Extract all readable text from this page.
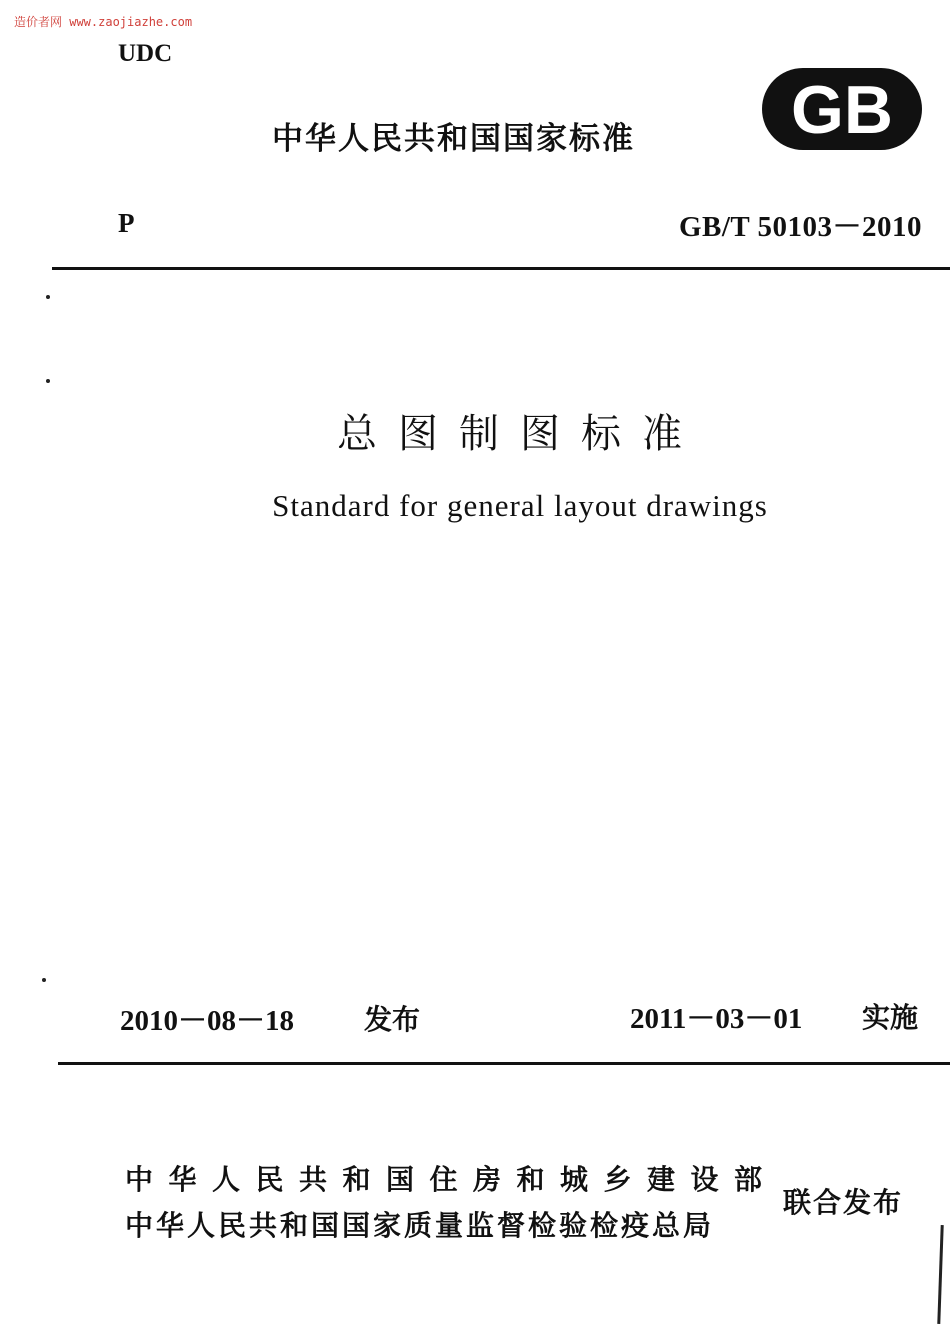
造价者网 www.zaojiazhe.com
UDC
中华人民共和国国家标准 GB
P	GB/T 50103－2010
总图制图标准
Standard for general layout drawings
2010－08－18 发布	2011－03－01 实施
中华人民共和国住房和城乡建设部
中华人民共和国国家质量监督检验检疫总局
联合发布
